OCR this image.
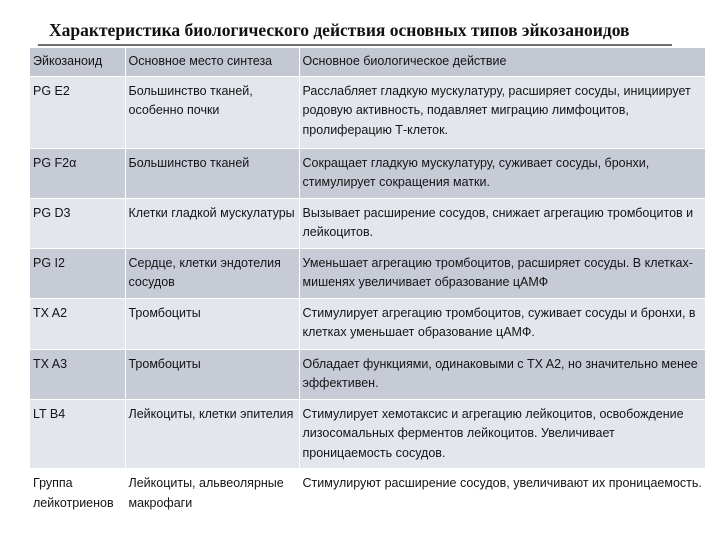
Характеристика биологического действия основных типов эйкозаноидов
Эйкозаноид	Основное место синтеза	Основное биологическое действие
PG E2	Большинство тканей, особенно почки	Расслабляет гладкую мускулатуру, расширяет сосуды, инициирует родовую активность, подавляет миграцию лимфоцитов, пролиферацию Т-клеток.
PG F2α	Большинство тканей	Сокращает гладкую мускулатуру, суживает сосуды, бронхи, стимулирует сокращения матки.
PG D3	Клетки гладкой мускулатуры	Вызывает расширение сосудов, снижает агрегацию тромбоцитов и лейкоцитов.
PG I2	Сердце, клетки эндотелия сосудов	Уменьшает агрегацию тромбоцитов, расширяет сосуды. В клетках-мишенях увеличивает образование цАМФ
TX A2	Тромбоциты	Стимулирует агрегацию тромбоцитов, суживает сосуды и бронхи, в клетках уменьшает образование цАМФ.
TX A3	Тромбоциты	Обладает функциями, одинаковыми с TX A2, но значительно менее эффективен.
LT B4	Лейкоциты, клетки эпителия	Стимулирует хемотаксис и агрегацию лейкоцитов, освобождение лизосомальных ферментов лейкоцитов. Увеличивает проницаемость сосудов.
Группа лейкотриенов	Лейкоциты, альвеолярные макрофаги	Стимулируют расширение сосудов, увеличивают их проницаемость.
